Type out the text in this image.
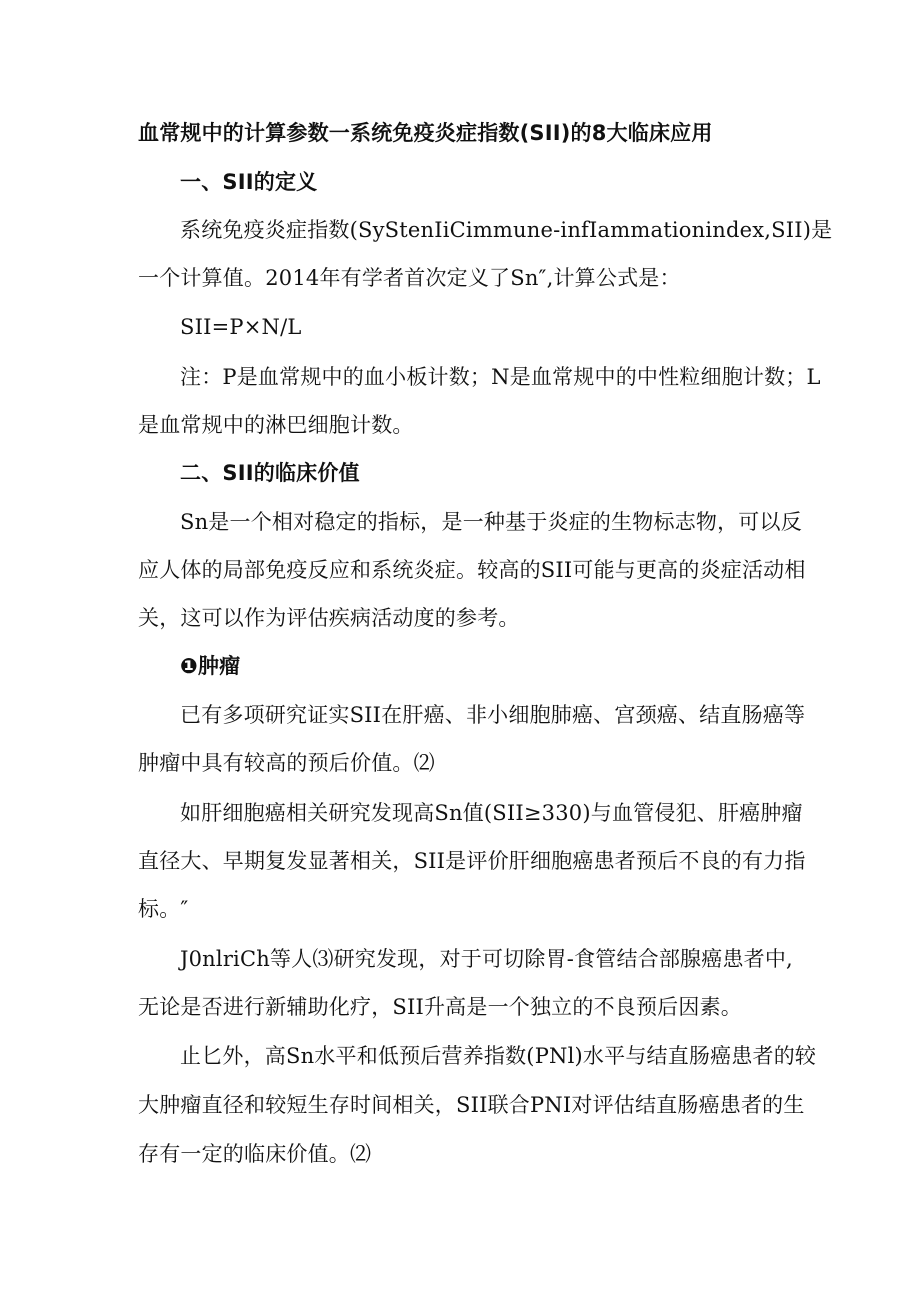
血常规中的计算参数一系统免疫炎症指数(SII)的8大临床应用
一、SII的定义
系统免疫炎症指数(SyStenIiCimmune-infIammationindex,SII)是
一个计算值。2014年有学者首次定义了Sn″,计算公式是：
SII=P×N/L
注：P是血常规中的血小板计数；N是血常规中的中性粒细胞计数；L
是血常规中的淋巴细胞计数。
二、SII的临床价值
Sn是一个相对稳定的指标，是一种基于炎症的生物标志物，可以反
应人体的局部免疫反应和系统炎症。较高的SII可能与更高的炎症活动相
关，这可以作为评估疾病活动度的参考。
❶肿瘤
已有多项研究证实SII在肝癌、非小细胞肺癌、宫颈癌、结直肠癌等
肿瘤中具有较高的预后价值。⑵
如肝细胞癌相关研究发现高Sn值(SII≥330)与血管侵犯、肝癌肿瘤
直径大、早期复发显著相关，SII是评价肝细胞癌患者预后不良的有力指
标。″
J0nlriCh等人⑶研究发现，对于可切除胃-食管结合部腺癌患者中,
无论是否进行新辅助化疗，SII升高是一个独立的不良预后因素。
止匕外，高Sn水平和低预后营养指数(PNl)水平与结直肠癌患者的较
大肿瘤直径和较短生存时间相关，SII联合PNI对评估结直肠癌患者的生
存有一定的临床价值。⑵
